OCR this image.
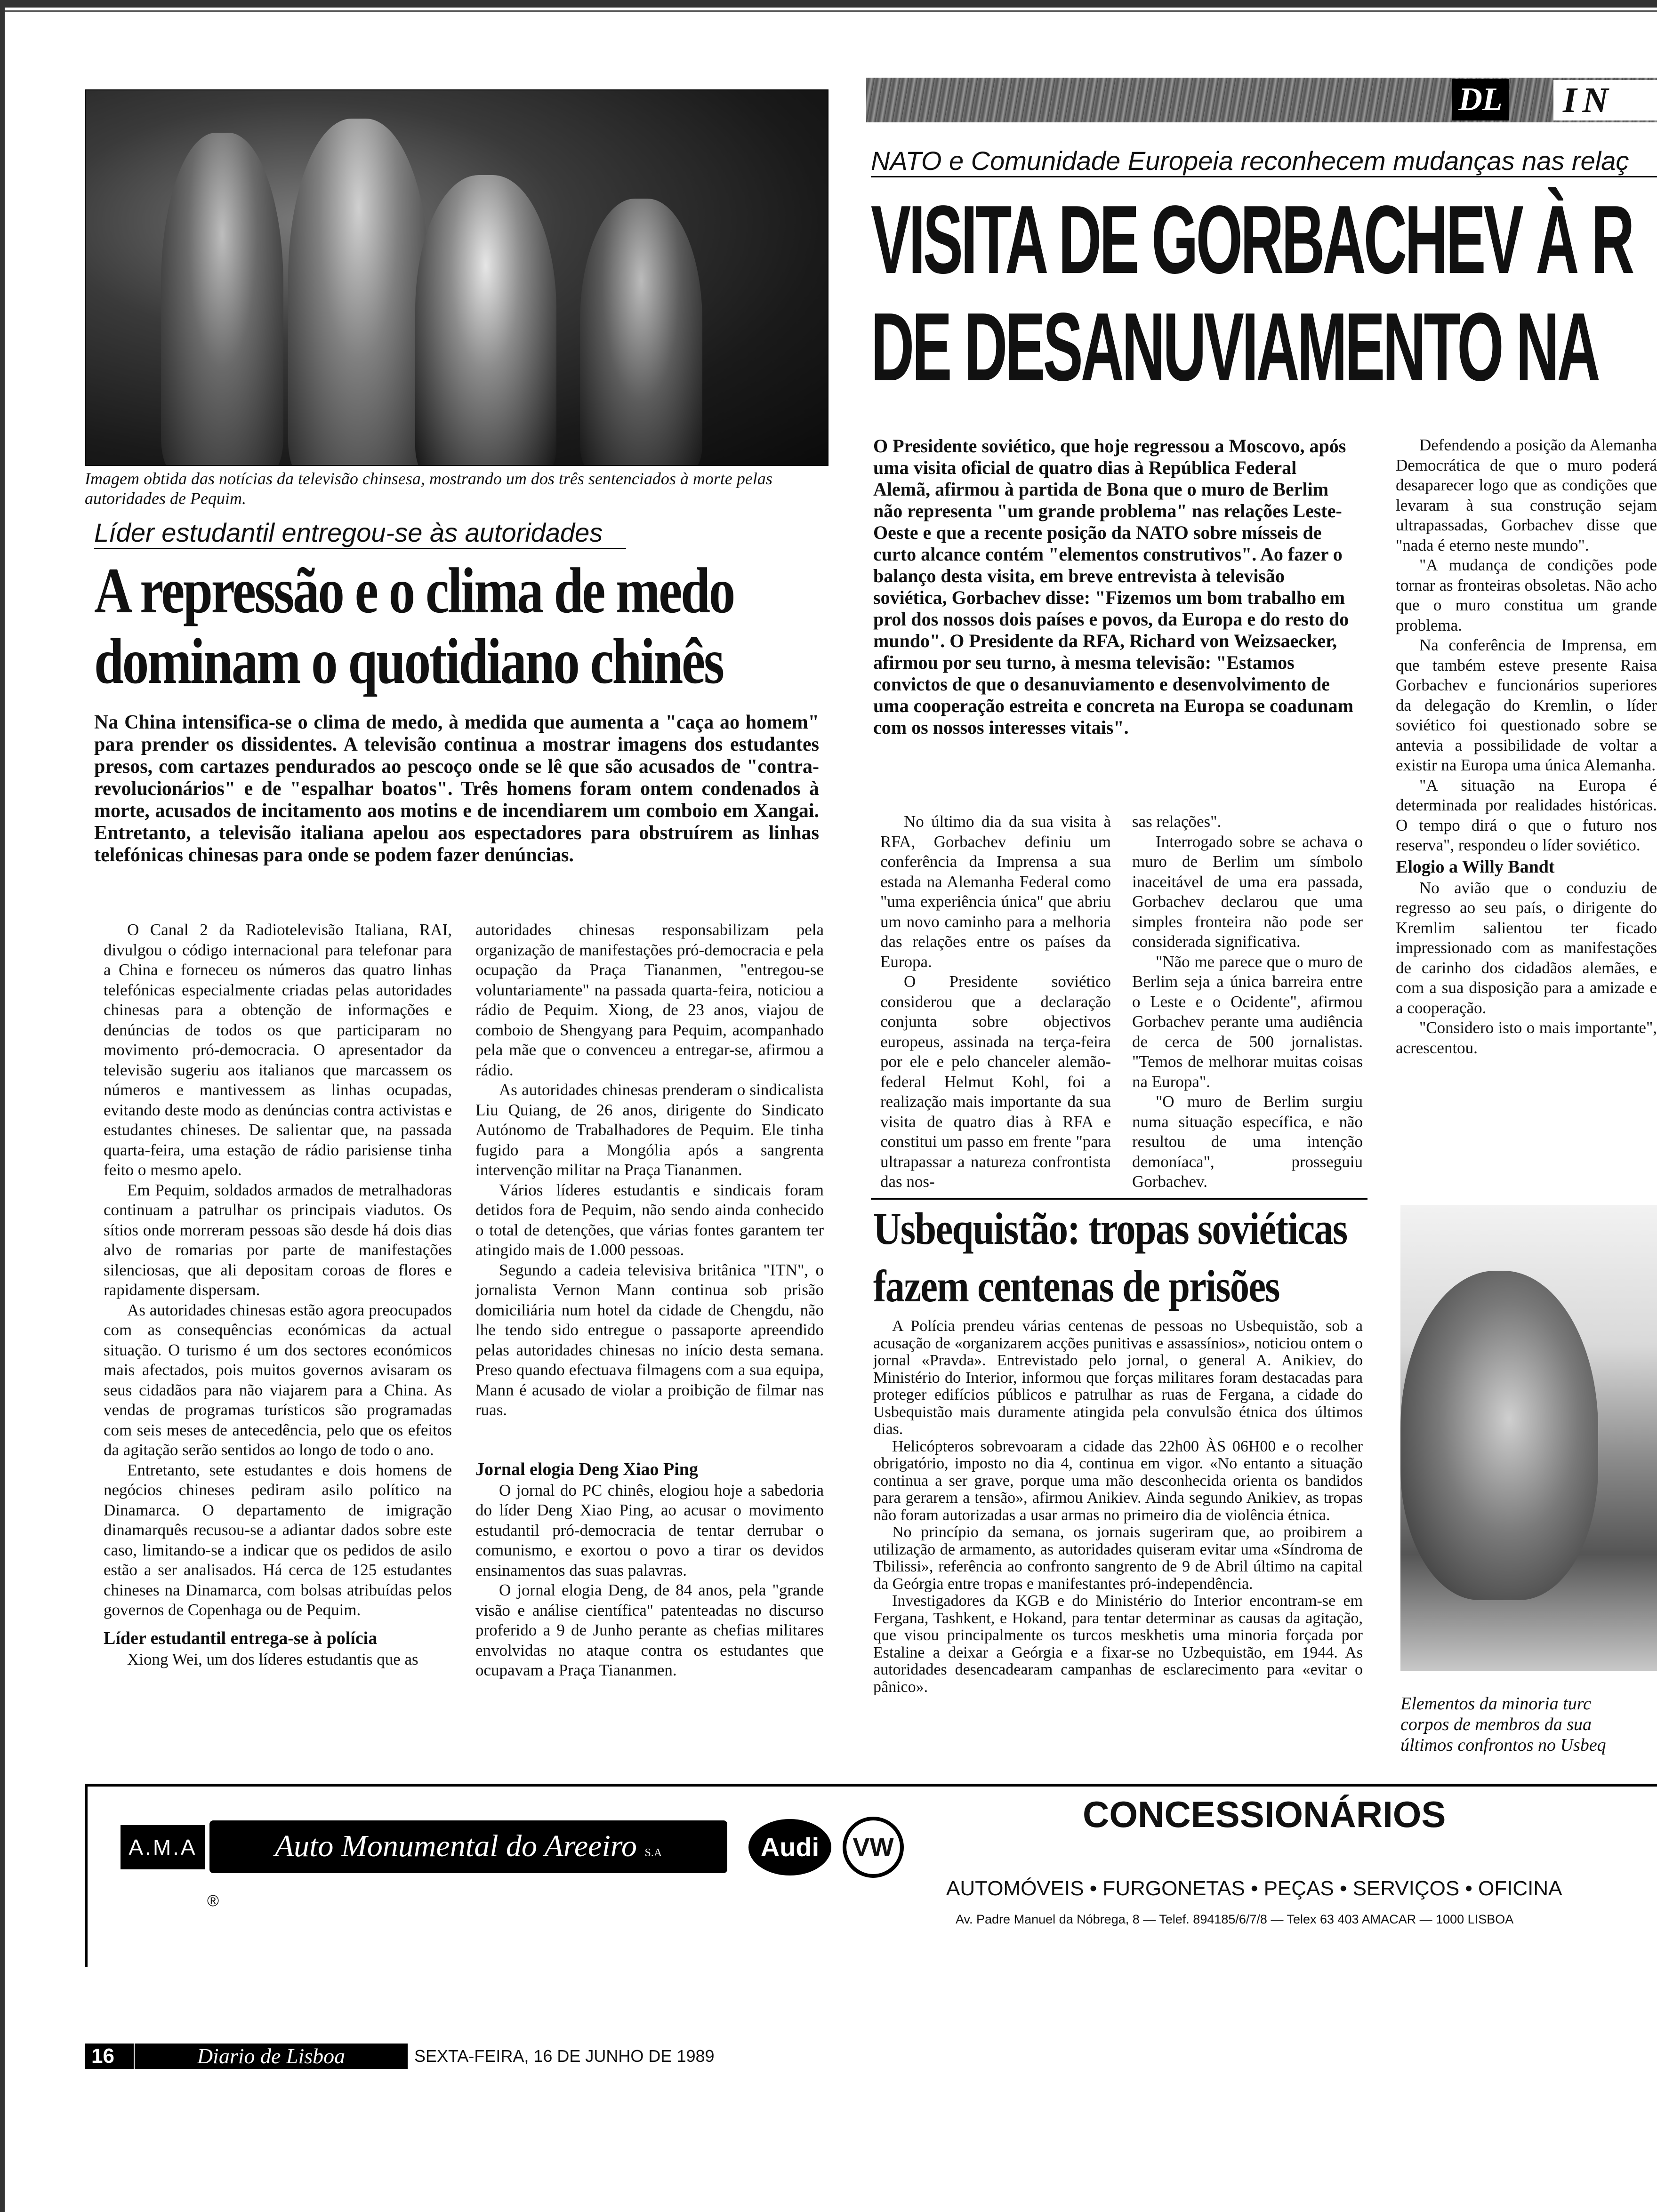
Imagem obtida das notícias da televisão chinsesa, mostrando um dos três sentenciados à morte pelas autoridades de Pequim.
Líder estudantil entregou-se às autoridades
A repressão e o clima de medo
dominam o quotidiano chinês
Na China intensifica-se o clima de medo, à medida que aumenta a "caça ao homem" para prender os dissidentes. A televisão continua a mostrar imagens dos estudantes presos, com cartazes pendurados ao pescoço onde se lê que são acusados de "contra-revolucionários" e de "espalhar boatos". Três homens foram ontem condenados à morte, acusados de incitamento aos motins e de incendiarem um comboio em Xangai. Entretanto, a televisão italiana apelou aos espectadores para obstruírem as linhas telefónicas chinesas para onde se podem fazer denúncias.

O Canal 2 da Radiotelevisão Italiana, RAI, divulgou o código internacional para telefonar para a China e forneceu os números das quatro linhas telefónicas especialmente criadas pelas autoridades chinesas para a obtenção de informações e denúncias de todos os que participaram no movimento pró-democracia. O apresentador da televisão sugeriu aos italianos que marcassem os números e mantivessem as linhas ocupadas, evitando deste modo as denúncias contra activistas e estudantes chineses. De salientar que, na passada quarta-feira, uma estação de rádio parisiense tinha feito o mesmo apelo.

Em Pequim, soldados armados de metralhadoras continuam a patrulhar os principais viadutos. Os sítios onde morreram pessoas são desde há dois dias alvo de romarias por parte de manifestações silenciosas, que ali depositam coroas de flores e rapidamente dispersam.

As autoridades chinesas estão agora preocupados com as consequências económicas da actual situação. O turismo é um dos sectores económicos mais afectados, pois muitos governos avisaram os seus cidadãos para não viajarem para a China. As vendas de programas turísticos são programadas com seis meses de antecedência, pelo que os efeitos da agitação serão sentidos ao longo de todo o ano.

Entretanto, sete estudantes e dois homens de negócios chineses pediram asilo político na Dinamarca. O departamento de imigração dinamarquês recusou-se a adiantar dados sobre este caso, limitando-se a indicar que os pedidos de asilo estão a ser analisados. Há cerca de 125 estudantes chineses na Dinamarca, com bolsas atribuídas pelos governos de Copenhaga ou de Pequim.

Líder estudantil entrega-se à polícia

Xiong Wei, um dos líderes estudantis que as

autoridades chinesas responsabilizam pela organização de manifestações pró-democracia e pela ocupação da Praça Tiananmen, "entregou-se voluntariamente" na passada quarta-feira, noticiou a rádio de Pequim. Xiong, de 23 anos, viajou de comboio de Shengyang para Pequim, acompanhado pela mãe que o convenceu a entregar-se, afirmou a rádio.

As autoridades chinesas prenderam o sindicalista Liu Quiang, de 26 anos, dirigente do Sindicato Autónomo de Trabalhadores de Pequim. Ele tinha fugido para a Mongólia após a sangrenta intervenção militar na Praça Tiananmen.

Vários líderes estudantis e sindicais foram detidos fora de Pequim, não sendo ainda conhecido o total de detenções, que várias fontes garantem ter atingido mais de 1.000 pessoas.

Segundo a cadeia televisiva britânica "ITN", o jornalista Vernon Mann continua sob prisão domiciliária num hotel da cidade de Chengdu, não lhe tendo sido entregue o passaporte apreendido pelas autoridades chinesas no início desta semana. Preso quando efectuava filmagens com a sua equipa, Mann é acusado de violar a proibição de filmar nas ruas.

Jornal elogia Deng Xiao Ping

O jornal do PC chinês, elogiou hoje a sabedoria do líder Deng Xiao Ping, ao acusar o movimento estudantil pró-democracia de tentar derrubar o comunismo, e exortou o povo a tirar os devidos ensinamentos das suas palavras.

O jornal elogia Deng, de 84 anos, pela "grande visão e análise científica" patenteadas no discurso proferido a 9 de Junho perante as chefias militares envolvidas no ataque contra os estudantes que ocupavam a Praça Tiananmen.

DL IN
NATO e Comunidade Europeia reconhecem mudanças nas relaç
VISITA DE GORBACHEV À R
DE DESANUVIAMENTO NA
O Presidente soviético, que hoje regressou a Moscovo, após uma visita oficial de quatro dias à República Federal Alemã, afirmou à partida de Bona que o muro de Berlim não representa "um grande problema" nas relações Leste-Oeste e que a recente posição da NATO sobre mísseis de curto alcance contém "elementos construtivos". Ao fazer o balanço desta visita, em breve entrevista à televisão soviética, Gorbachev disse: "Fizemos um bom trabalho em prol dos nossos dois países e povos, da Europa e do resto do mundo". O Presidente da RFA, Richard von Weizsaecker, afirmou por seu turno, à mesma televisão: "Estamos convictos de que o desanuviamento e desenvolvimento de uma cooperação estreita e concreta na Europa se coadunam com os nossos interesses vitais".

No último dia da sua visita à RFA, Gorbachev definiu um conferência da Imprensa a sua estada na Alemanha Federal como "uma experiência única" que abriu um novo caminho para a melhoria das relações entre os países da Europa.

O Presidente soviético considerou que a declaração conjunta sobre objectivos europeus, assinada na terça-feira por ele e pelo chanceler alemão-federal Helmut Kohl, foi a realização mais importante da sua visita de quatro dias à RFA e constitui um passo em frente "para ultrapassar a natureza confrontista das nos-

sas relações".

Interrogado sobre se achava o muro de Berlim um símbolo inaceitável de uma era passada, Gorbachev declarou que uma simples fronteira não pode ser considerada significativa.

"Não me parece que o muro de Berlim seja a única barreira entre o Leste e o Ocidente", afirmou Gorbachev perante uma audiência de cerca de 500 jornalistas. "Temos de melhorar muitas coisas na Europa".

"O muro de Berlim surgiu numa situação específica, e não resultou de uma intenção demoníaca", prosseguiu Gorbachev.

Defendendo a posição da Alemanha Democrática de que o muro poderá desaparecer logo que as condições que levaram à sua construção sejam ultrapassadas, Gorbachev disse que "nada é eterno neste mundo".

"A mudança de condições pode tornar as fronteiras obsoletas. Não acho que o muro constitua um grande problema.

Na conferência de Imprensa, em que também esteve presente Raisa Gorbachev e funcionários superiores da delegação do Kremlin, o líder soviético foi questionado sobre se antevia a possibilidade de voltar a existir na Europa uma única Alemanha.

"A situação na Europa é determinada por realidades históricas. O tempo dirá o que o futuro nos reserva", respondeu o líder soviético.

Elogio a Willy Bandt

No avião que o conduziu de regresso ao seu país, o dirigente do Kremlim salientou ter ficado impressionado com as manifestações de carinho dos cidadãos alemães, e com a sua disposição para a amizade e a cooperação.

"Considero isto o mais importante", acrescentou.

Usbequistão: tropas soviéticas
fazem centenas de prisões

A Polícia prendeu várias centenas de pessoas no Usbequistão, sob a acusação de «organizarem acções punitivas e assassínios», noticiou ontem o jornal «Pravda». Entrevistado pelo jornal, o general A. Anikiev, do Ministério do Interior, informou que forças militares foram destacadas para proteger edifícios públicos e patrulhar as ruas de Fergana, a cidade do Usbequistão mais duramente atingida pela convulsão étnica dos últimos dias.

Helicópteros sobrevoaram a cidade das 22h00 ÀS 06H00 e o recolher obrigatório, imposto no dia 4, continua em vigor. «No entanto a situação continua a ser grave, porque uma mão desconhecida orienta os bandidos para gerarem a tensão», afirmou Anikiev. Ainda segundo Anikiev, as tropas não foram autorizadas a usar armas no primeiro dia de violência étnica.

No princípio da semana, os jornais sugeriram que, ao proibirem a utilização de armamento, as autoridades quiseram evitar uma «Síndroma de Tbilissi», referência ao confronto sangrento de 9 de Abril último na capital da Geórgia entre tropas e manifestantes pró-independência.

Investigadores da KGB e do Ministério do Interior encontram-se em Fergana, Tashkent, e Hokand, para tentar determinar as causas da agitação, que visou principalmente os turcos meskhetis uma minoria forçada por Estaline a deixar a Geórgia e a fixar-se no Uzbequistão, em 1944. As autoridades desencadearam campanhas de esclarecimento para «evitar o pânico».

Elementos da minoria turc
corpos de membros da sua
últimos confrontos no Usbeq
A.M.A	Auto Monumental do Areeiro S.A
®
Audi	VW
CONCESSIONÁRIOS
AUTOMÓVEIS • FURGONETAS • PEÇAS • SERVIÇOS • OFICINA
Av. Padre Manuel da Nóbrega, 8 — Telef. 894185/6/7/8 — Telex 63 403 AMACAR — 1000 LISBOA
16	Diario de Lisboa	SEXTA-FEIRA, 16 DE JUNHO DE 1989
